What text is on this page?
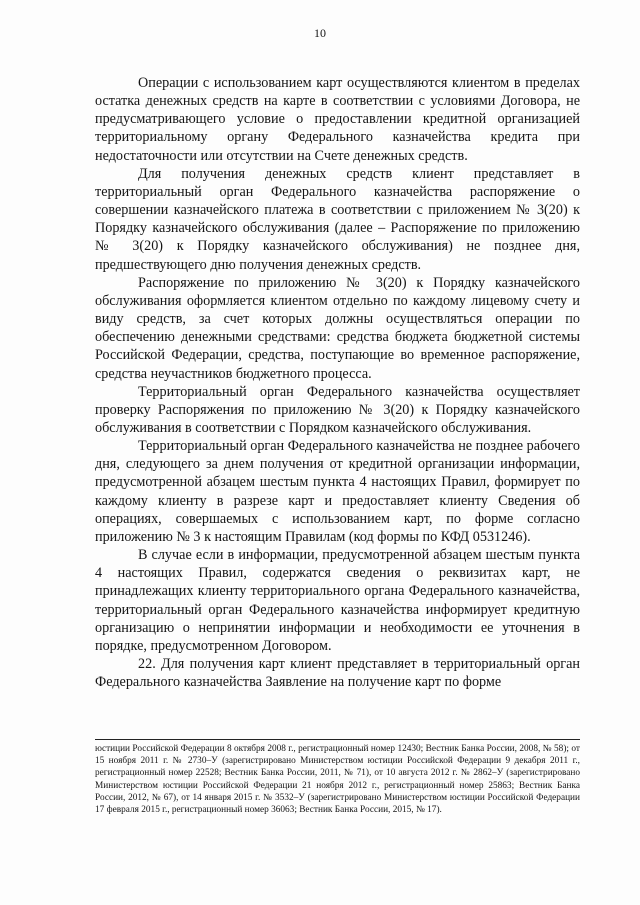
10

Операции с использованием карт осуществляются клиентом в пределах остатка денежных средств на карте в соответствии с условиями Договора, не предусматривающего условие о предоставлении кредитной организацией территориальному органу Федерального казначейства кредита при недостаточности или отсутствии на Счете денежных средств.

Для получения денежных средств клиент представляет в территориальный орган Федерального казначейства распоряжение о совершении казначейского платежа в соответствии с приложением № 3(20) к Порядку казначейского обслуживания (далее – Распоряжение по приложению № 3(20) к Порядку казначейского обслуживания) не позднее дня, предшествующего дню получения денежных средств.

Распоряжение по приложению № 3(20) к Порядку казначейского обслуживания оформляется клиентом отдельно по каждому лицевому счету и виду средств, за счет которых должны осуществляться операции по обеспечению денежными средствами: средства бюджета бюджетной системы Российской Федерации, средства, поступающие во временное распоряжение, средства неучастников бюджетного процесса.

Территориальный орган Федерального казначейства осуществляет проверку Распоряжения по приложению № 3(20) к Порядку казначейского обслуживания в соответствии с Порядком казначейского обслуживания.

Территориальный орган Федерального казначейства не позднее рабочего дня, следующего за днем получения от кредитной организации информации, предусмотренной абзацем шестым пункта 4 настоящих Правил, формирует по каждому клиенту в разрезе карт и предоставляет клиенту Сведения об операциях, совершаемых с использованием карт, по форме согласно приложению № 3 к настоящим Правилам (код формы по КФД 0531246).

В случае если в информации, предусмотренной абзацем шестым пункта 4 настоящих Правил, содержатся сведения о реквизитах карт, не принадлежащих клиенту территориального органа Федерального казначейства, территориальный орган Федерального казначейства информирует кредитную организацию о непринятии информации и необходимости ее уточнения в порядке, предусмотренном Договором.

22. Для получения карт клиент представляет в территориальный орган Федерального казначейства Заявление на получение карт по форме

юстиции Российской Федерации 8 октября 2008 г., регистрационный номер 12430; Вестник Банка России, 2008, № 58); от 15 ноября 2011 г. № 2730–У (зарегистрировано Министерством юстиции Российской Федерации 9 декабря 2011 г., регистрационный номер 22528; Вестник Банка России, 2011, № 71), от 10 августа 2012 г. № 2862–У (зарегистрировано Министерством юстиции Российской Федерации 21 ноября 2012 г., регистрационный номер 25863; Вестник Банка России, 2012, № 67), от 14 января 2015 г. № 3532–У (зарегистрировано Министерством юстиции Российской Федерации 17 февраля 2015 г., регистрационный номер 36063; Вестник Банка России, 2015, № 17).
